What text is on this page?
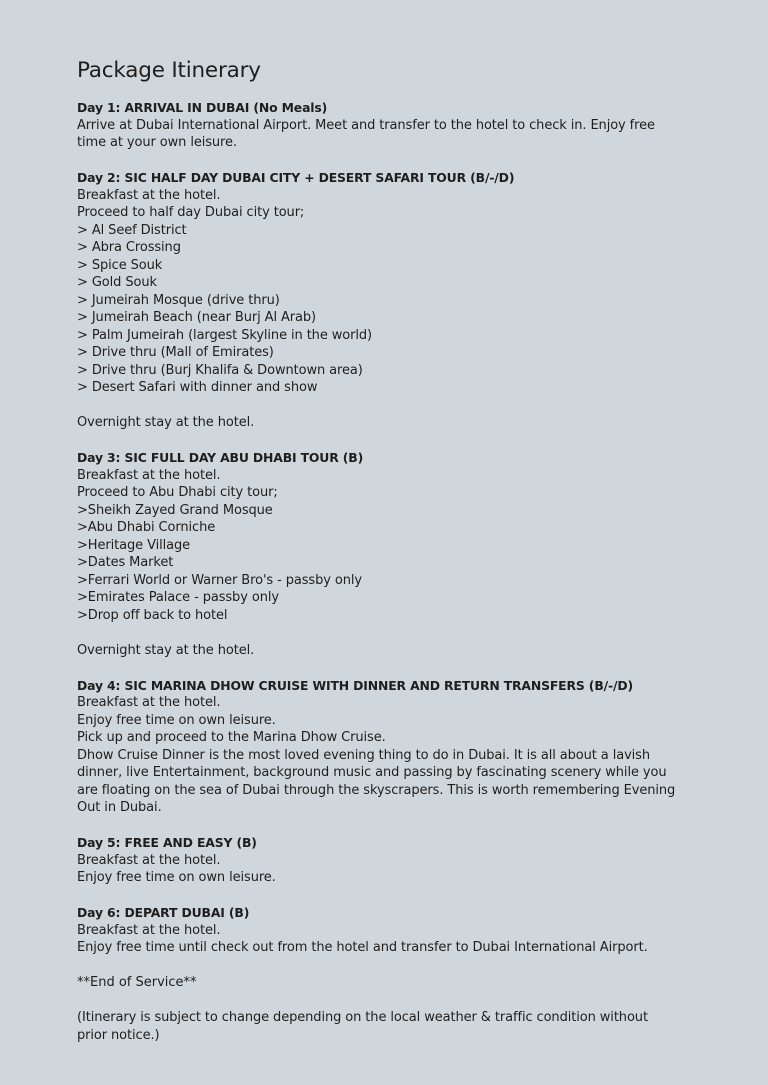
Package Itinerary
Day 1: ARRIVAL IN DUBAI (No Meals)

Arrive at Dubai International Airport. Meet and transfer to the hotel to check in. Enjoy free

time at your own leisure.

Day 2: SIC HALF DAY DUBAI CITY + DESERT SAFARI TOUR (B/-/D)

Breakfast at the hotel.

Proceed to half day Dubai city tour;

> Al Seef District

> Abra Crossing

> Spice Souk

> Gold Souk

> Jumeirah Mosque (drive thru)

> Jumeirah Beach (near Burj Al Arab)

> Palm Jumeirah (largest Skyline in the world)

> Drive thru (Mall of Emirates)

> Drive thru (Burj Khalifa & Downtown area)

> Desert Safari with dinner and show

Overnight stay at the hotel.

Day 3: SIC FULL DAY ABU DHABI TOUR (B)

Breakfast at the hotel.

Proceed to Abu Dhabi city tour;

>Sheikh Zayed Grand Mosque

>Abu Dhabi Corniche

>Heritage Village

>Dates Market

>Ferrari World or Warner Bro's - passby only

>Emirates Palace - passby only

>Drop off back to hotel

Overnight stay at the hotel.

Day 4: SIC MARINA DHOW CRUISE WITH DINNER AND RETURN TRANSFERS (B/-/D)

Breakfast at the hotel.

Enjoy free time on own leisure.

Pick up and proceed to the Marina Dhow Cruise.

Dhow Cruise Dinner is the most loved evening thing to do in Dubai. It is all about a lavish

dinner, live Entertainment, background music and passing by fascinating scenery while you

are floating on the sea of Dubai through the skyscrapers. This is worth remembering Evening

Out in Dubai.

Day 5: FREE AND EASY (B)

Breakfast at the hotel.

Enjoy free time on own leisure.

Day 6: DEPART DUBAI (B)

Breakfast at the hotel.

Enjoy free time until check out from the hotel and transfer to Dubai International Airport.

**End of Service**

(Itinerary is subject to change depending on the local weather & traffic condition without

prior notice.)
